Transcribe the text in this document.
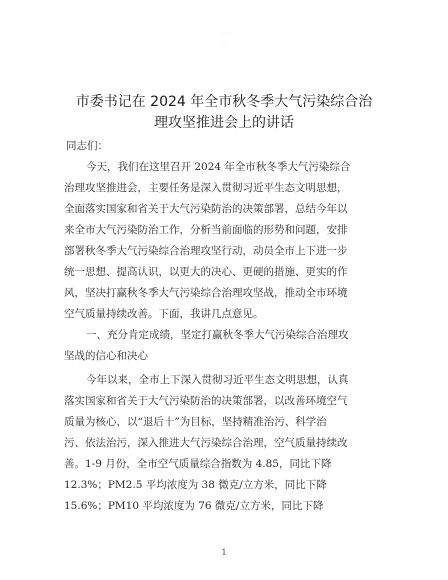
市委书记在 2024 年全市秋冬季大气污染综合治
理攻坚推进会上的讲话
同志们：
今天，我们在这里召开 2024 年全市秋冬季大气污染综合
治理攻坚推进会，主要任务是深入贯彻习近平生态文明思想，
全面落实国家和省关于大气污染防治的决策部署，总结今年以
来全市大气污染防治工作，分析当前面临的形势和问题，安排
部署秋冬季大气污染综合治理攻坚行动，动员全市上下进一步
统一思想、提高认识，以更大的决心、更硬的措施、更实的作
风，坚决打赢秋冬季大气污染综合治理攻坚战，推动全市环境
空气质量持续改善。下面，我讲几点意见。
一、充分肯定成绩，坚定打赢秋冬季大气污染综合治理攻
坚战的信心和决心
今年以来，全市上下深入贯彻习近平生态文明思想，认真
落实国家和省关于大气污染防治的决策部署，以改善环境空气
质量为核心，以“退后十”为目标，坚持精准治污、科学治
污、依法治污，深入推进大气污染综合治理，空气质量持续改
善。1-9 月份，全市空气质量综合指数为 4.85，同比下降
12.3%；PM2.5 平均浓度为 38 微克/立方米，同比下降
15.6%；PM10 平均浓度为 76 微克/立方米，同比下降
1
